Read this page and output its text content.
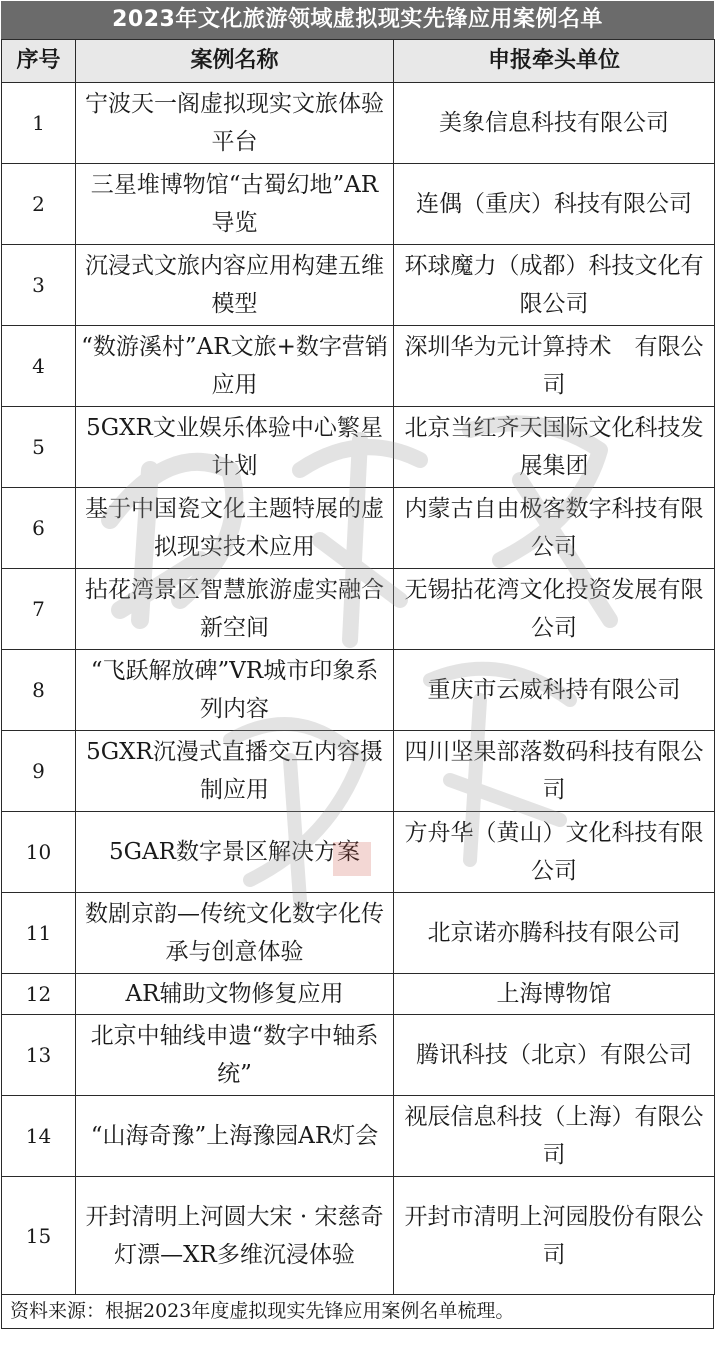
2023年文化旅游领域虚拟现实先锋应用案例名单
序号	案例名称	申报牵头单位
1	宁波天一阁虚拟现实文旅体验平台	美象信息科技有限公司
2	三星堆博物馆“古蜀幻地”AR导览	连偶（重庆）科技有限公司
3	沉浸式文旅内容应用构建五维模型	环球魔力（成都）科技文化有限公司
4	“数游溪村”AR文旅+数字营销应用	深圳华为元计算持术　有限公司
5	5GXR文业娱乐体验中心繁星计划	北京当红齐天国际文化科技发展集团
6	基于中国瓷文化主题特展的虚拟现实技术应用	内蒙古自由极客数字科技有限公司
7	拈花湾景区智慧旅游虚实融合新空间	无锡拈花湾文化投资发展有限公司
8	“飞跃解放碑”VR城市印象系列内容	重庆市云威科持有限公司
9	5GXR沉漫式直播交互内容摄制应用	四川坚果部落数码科技有限公司
10	5GAR数字景区解决方案	方舟华（黄山）文化科技有限公司
11	数剧京韵—传统文化数字化传承与创意体验	北京诺亦腾科技有限公司
12	AR辅助文物修复应用	上海博物馆
13	北京中轴线申遗“数字中轴系统”	腾讯科技（北京）有限公司
14	“山海奇豫”上海豫园AR灯会	视辰信息科技（上海）有限公司
15	开封清明上河圆大宋 · 宋慈奇灯漂—XR多维沉浸体验	开封市清明上河园股份有限公司
资料来源：根据2023年度虚拟现实先锋应用案例名单梳理。
